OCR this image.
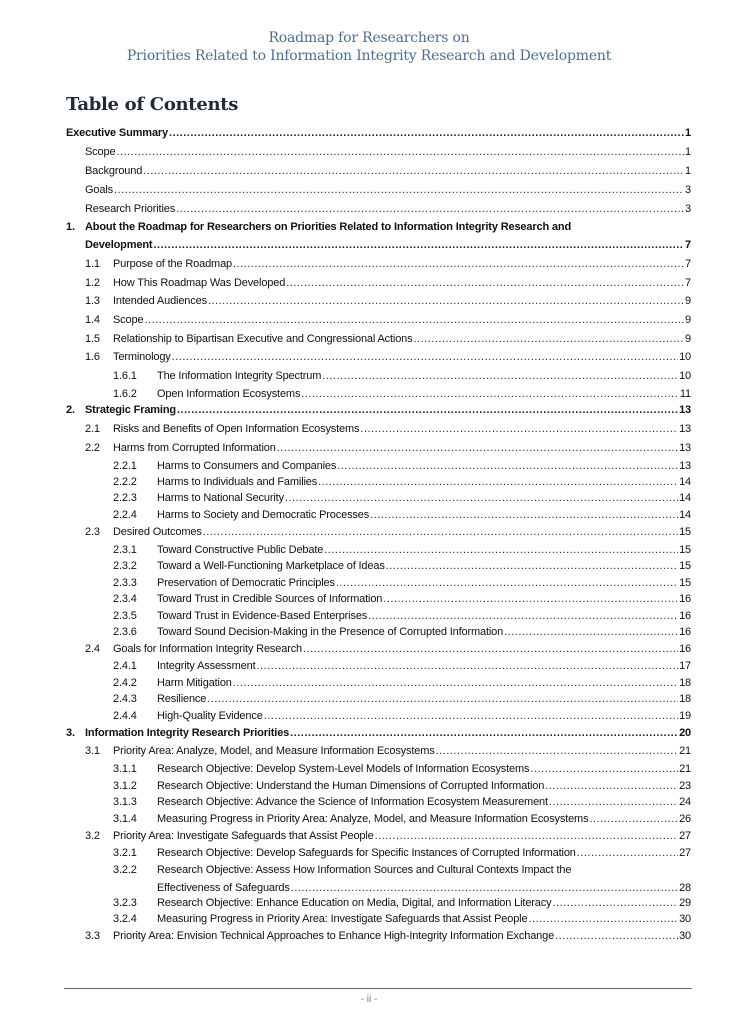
Roadmap for Researchers on
Priorities Related to Information Integrity Research and Development
Table of Contents
Executive Summary .....	1
Scope .....	1
Background .....	1
Goals .....	3
Research Priorities .....	3
1. About the Roadmap for Researchers on Priorities Related to Information Integrity Research and
Development .....	7
1.1	Purpose of the Roadmap .....	7
1.2	How This Roadmap Was Developed .....	7
1.3	Intended Audiences .....	9
1.4	Scope .....	9
1.5	Relationship to Bipartisan Executive and Congressional Actions .....	9
1.6	Terminology .....	10
1.6.1	The Information Integrity Spectrum .....	10
1.6.2	Open Information Ecosystems .....	11
2. Strategic Framing .....	13
2.1	Risks and Benefits of Open Information Ecosystems .....	13
2.2	Harms from Corrupted Information .....	13
2.2.1	Harms to Consumers and Companies .....	13
2.2.2	Harms to Individuals and Families .....	14
2.2.3	Harms to National Security .....	14
2.2.4	Harms to Society and Democratic Processes .....	14
2.3	Desired Outcomes .....	15
2.3.1	Toward Constructive Public Debate .....	15
2.3.2	Toward a Well-Functioning Marketplace of Ideas .....	15
2.3.3	Preservation of Democratic Principles .....	15
2.3.4	Toward Trust in Credible Sources of Information .....	16
2.3.5	Toward Trust in Evidence-Based Enterprises .....	16
2.3.6	Toward Sound Decision-Making in the Presence of Corrupted Information .....	16
2.4	Goals for Information Integrity Research .....	16
2.4.1	Integrity Assessment .....	17
2.4.2	Harm Mitigation .....	18
2.4.3	Resilience .....	18
2.4.4	High-Quality Evidence .....	19
3. Information Integrity Research Priorities .....	20
3.1	Priority Area: Analyze, Model, and Measure Information Ecosystems .....	21
3.1.1	Research Objective: Develop System-Level Models of Information Ecosystems .....	21
3.1.2	Research Objective: Understand the Human Dimensions of Corrupted Information .....	23
3.1.3	Research Objective: Advance the Science of Information Ecosystem Measurement .....	24
3.1.4	Measuring Progress in Priority Area: Analyze, Model, and Measure Information Ecosystems .....	26
3.2	Priority Area: Investigate Safeguards that Assist People .....	27
3.2.1	Research Objective: Develop Safeguards for Specific Instances of Corrupted Information .....	27
3.2.2	Research Objective: Assess How Information Sources and Cultural Contexts Impact the
Effectiveness of Safeguards .....	28
3.2.3	Research Objective: Enhance Education on Media, Digital, and Information Literacy .....	29
3.2.4	Measuring Progress in Priority Area: Investigate Safeguards that Assist People .....	30
3.3	Priority Area: Envision Technical Approaches to Enhance High-Integrity Information Exchange .....	30
- ii -
